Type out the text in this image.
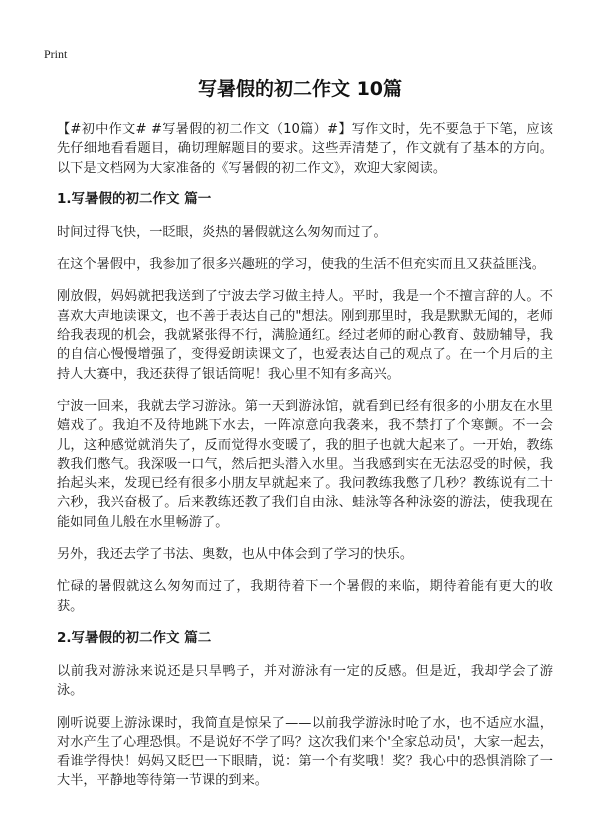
Print
写暑假的初二作文 10篇

【#初中作文# #写暑假的初二作文（10篇）#】写作文时，先不要急于下笔，应该先仔细地看看题目，确切理解题目的要求。这些弄清楚了，作文就有了基本的方向。以下是文档网为大家准备的《写暑假的初二作文》，欢迎大家阅读。

1.写暑假的初二作文 篇一

时间过得飞快，一眨眼，炎热的暑假就这么匆匆而过了。

在这个暑假中，我参加了很多兴趣班的学习，使我的生活不但充实而且又获益匪浅。

刚放假，妈妈就把我送到了宁波去学习做主持人。平时，我是一个不擅言辞的人。不喜欢大声地读课文，也不善于表达自己的"想法。刚到那里时，我是默默无闻的，老师给我表现的机会，我就紧张得不行，满脸通红。经过老师的耐心教育、鼓励辅导，我的自信心慢慢增强了，变得爱朗读课文了，也爱表达自己的观点了。在一个月后的主持人大赛中，我还获得了银话筒呢！我心里不知有多高兴。

宁波一回来，我就去学习游泳。第一天到游泳馆，就看到已经有很多的小朋友在水里嬉戏了。我迫不及待地跳下水去，一阵凉意向我袭来，我不禁打了个寒颤。不一会儿，这种感觉就消失了，反而觉得水变暖了，我的胆子也就大起来了。一开始，教练教我们憋气。我深吸一口气，然后把头潜入水里。当我感到实在无法忍受的时候，我抬起头来，发现已经有很多小朋友早就起来了。我问教练我憋了几秒？教练说有二十六秒，我兴奋极了。后来教练还教了我们自由泳、蛙泳等各种泳姿的游法，使我现在能如同鱼儿般在水里畅游了。

另外，我还去学了书法、奥数，也从中体会到了学习的快乐。

忙碌的暑假就这么匆匆而过了，我期待着下一个暑假的来临，期待着能有更大的收获。

2.写暑假的初二作文 篇二

以前我对游泳来说还是只旱鸭子，并对游泳有一定的反感。但是近，我却学会了游泳。

刚听说要上游泳课时，我简直是惊呆了——以前我学游泳时呛了水，也不适应水温，对水产生了心理恐惧。不是说好不学了吗？这次我们来个'全家总动员'，大家一起去，看谁学得快！妈妈又眨巴一下眼睛，说：第一个有奖哦！奖？我心中的恐惧消除了一大半，平静地等待第一节课的到来。
